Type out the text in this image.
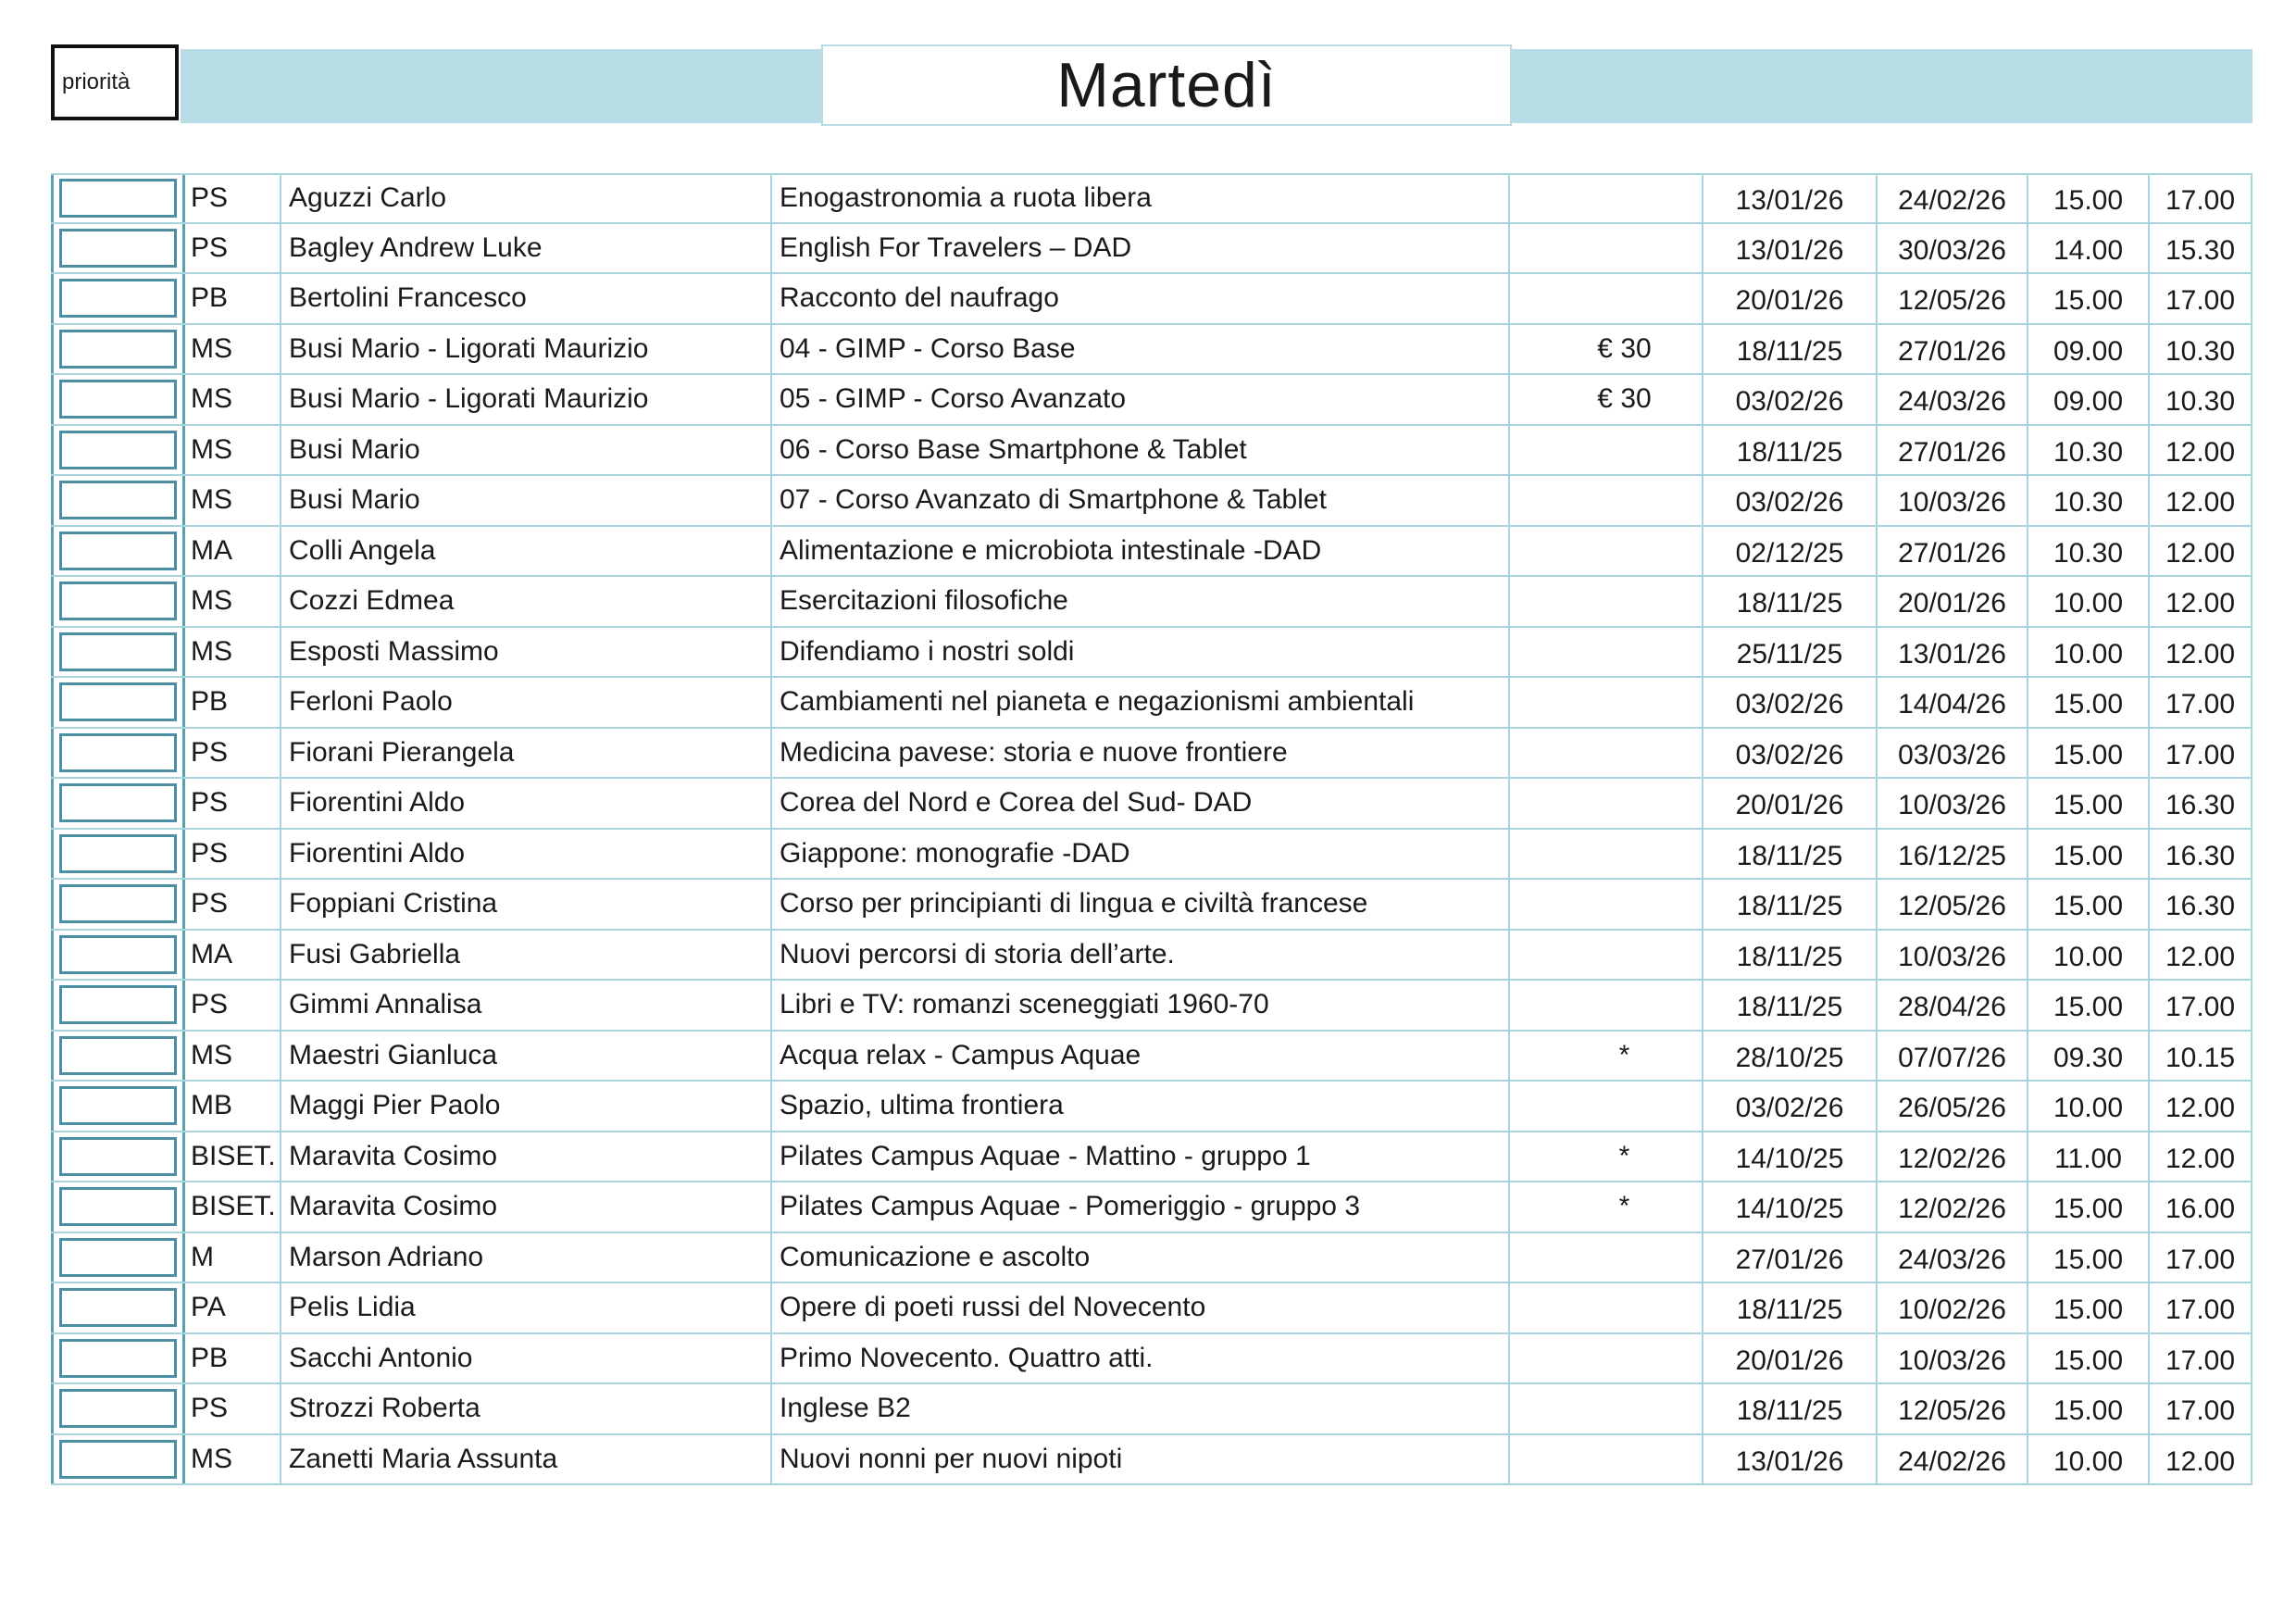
priorità	Martedì
PS	Aguzzi Carlo	Enogastronomia a ruota libera	13/01/26	24/02/26	15.00	17.00
PS	Bagley Andrew Luke	English For Travelers – DAD	13/01/26	30/03/26	14.00	15.30
PB	Bertolini Francesco	Racconto del naufrago	20/01/26	12/05/26	15.00	17.00
MS	Busi Mario - Ligorati Maurizio	04 - GIMP - Corso Base	€ 30	18/11/25	27/01/26	09.00	10.30
MS	Busi Mario - Ligorati Maurizio	05 - GIMP - Corso Avanzato	€ 30	03/02/26	24/03/26	09.00	10.30
MS	Busi Mario	06 - Corso Base Smartphone & Tablet	18/11/25	27/01/26	10.30	12.00
MS	Busi Mario	07 - Corso Avanzato di Smartphone & Tablet	03/02/26	10/03/26	10.30	12.00
MA	Colli Angela	Alimentazione e microbiota intestinale -DAD	02/12/25	27/01/26	10.30	12.00
MS	Cozzi Edmea	Esercitazioni filosofiche	18/11/25	20/01/26	10.00	12.00
MS	Esposti Massimo	Difendiamo i nostri soldi	25/11/25	13/01/26	10.00	12.00
PB	Ferloni Paolo	Cambiamenti nel pianeta e negazionismi ambientali	03/02/26	14/04/26	15.00	17.00
PS	Fiorani Pierangela	Medicina pavese: storia e nuove frontiere	03/02/26	03/03/26	15.00	17.00
PS	Fiorentini Aldo	Corea del Nord e Corea del Sud- DAD	20/01/26	10/03/26	15.00	16.30
PS	Fiorentini Aldo	Giappone: monografie -DAD	18/11/25	16/12/25	15.00	16.30
PS	Foppiani Cristina	Corso per principianti di lingua e civiltà francese	18/11/25	12/05/26	15.00	16.30
MA	Fusi Gabriella	Nuovi percorsi di storia dell’arte.	18/11/25	10/03/26	10.00	12.00
PS	Gimmi Annalisa	Libri e TV: romanzi sceneggiati 1960-70	18/11/25	28/04/26	15.00	17.00
MS	Maestri Gianluca	Acqua relax - Campus Aquae	*	28/10/25	07/07/26	09.30	10.15
MB	Maggi Pier Paolo	Spazio, ultima frontiera	03/02/26	26/05/26	10.00	12.00
BISET. Maravita Cosimo	Pilates Campus Aquae - Mattino - gruppo 1	*	14/10/25	12/02/26	11.00	12.00
BISET. Maravita Cosimo	Pilates Campus Aquae - Pomeriggio - gruppo 3	*	14/10/25	12/02/26	15.00	16.00
M	Marson Adriano	Comunicazione e ascolto	27/01/26	24/03/26	15.00	17.00
PA	Pelis Lidia	Opere di poeti russi del Novecento	18/11/25	10/02/26	15.00	17.00
PB	Sacchi Antonio	Primo Novecento. Quattro atti.	20/01/26	10/03/26	15.00	17.00
PS	Strozzi Roberta	Inglese B2	18/11/25	12/05/26	15.00	17.00
MS	Zanetti Maria Assunta	Nuovi nonni per nuovi nipoti	13/01/26	24/02/26	10.00	12.00
